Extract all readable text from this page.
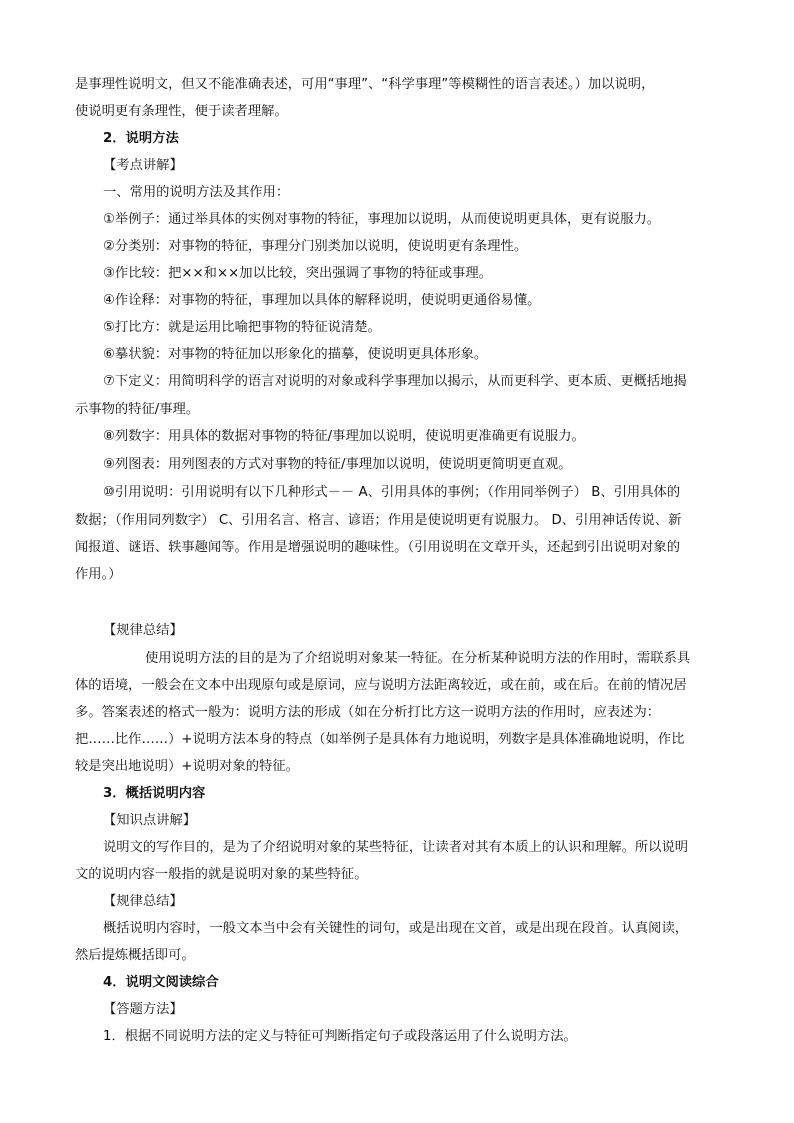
是事理性说明文，但又不能准确表述，可用“事理”、“科学事理”等模糊性的语言表述。）加以说明，
使说明更有条理性，便于读者理解。
2．说明方法
【考点讲解】
一、常用的说明方法及其作用：
①举例子：通过举具体的实例对事物的特征，事理加以说明，从而使说明更具体，更有说服力。
②分类别：对事物的特征，事理分门别类加以说明，使说明更有条理性。
③作比较：把××和××加以比较，突出强调了事物的特征或事理。
④作诠释：对事物的特征，事理加以具体的解释说明，使说明更通俗易懂。
⑤打比方：就是运用比喻把事物的特征说清楚。
⑥摹状貌：对事物的特征加以形象化的描摹，使说明更具体形象。
⑦下定义：用简明科学的语言对说明的对象或科学事理加以揭示，从而更科学、更本质、更概括地揭
示事物的特征/事理。
⑧列数字：用具体的数据对事物的特征/事理加以说明，使说明更准确更有说服力。
⑨列图表：用列图表的方式对事物的特征/事理加以说明，使说明更简明更直观。
⑩引用说明：引用说明有以下几种形式－－ A、引用具体的事例；（作用同举例子） B、引用具体的
数据；（作用同列数字） C、引用名言、格言、谚语；作用是使说明更有说服力。 D、引用神话传说、新
闻报道、谜语、轶事趣闻等。作用是增强说明的趣味性。（引用说明在文章开头，还起到引出说明对象的
作用。）
【规律总结】
使用说明方法的目的是为了介绍说明对象某一特征。在分析某种说明方法的作用时，需联系具
体的语境，一般会在文本中出现原句或是原词，应与说明方法距离较近，或在前，或在后。在前的情况居
多。答案表述的格式一般为：说明方法的形成（如在分析打比方这一说明方法的作用时，应表述为：
把……比作……）+说明方法本身的特点（如举例子是具体有力地说明，列数字是具体准确地说明，作比
较是突出地说明）+说明对象的特征。
3．概括说明内容
【知识点讲解】
说明文的写作目的，是为了介绍说明对象的某些特征，让读者对其有本质上的认识和理解。所以说明
文的说明内容一般指的就是说明对象的某些特征。
【规律总结】
概括说明内容时，一般文本当中会有关键性的词句，或是出现在文首，或是出现在段首。认真阅读，
然后提炼概括即可。
4．说明文阅读综合
【答题方法】
1．根据不同说明方法的定义与特征可判断指定句子或段落运用了什么说明方法。
